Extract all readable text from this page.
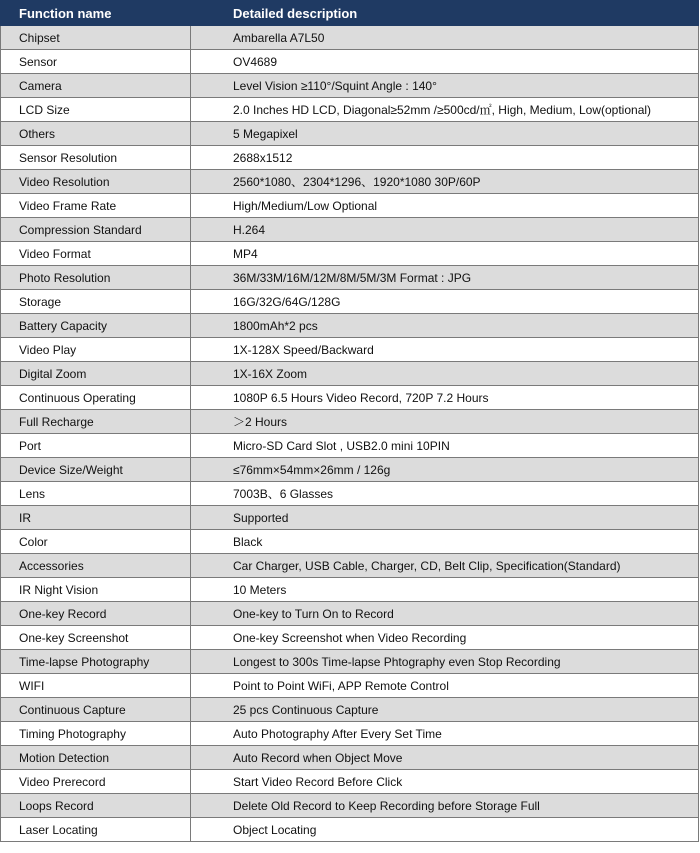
Function name	Detailed description
Chipset	Ambarella A7L50
Sensor	OV4689
Camera	Level Vision ≥110°/Squint Angle : 140°
LCD Size	2.0 Inches HD LCD, Diagonal≥52mm /≥500cd/㎡, High, Medium, Low(optional)
Others	5 Megapixel
Sensor Resolution	2688x1512
Video Resolution	2560*1080、2304*1296、1920*1080 30P/60P
Video Frame Rate	High/Medium/Low Optional
Compression Standard	H.264
Video Format	MP4
Photo Resolution	36M/33M/16M/12M/8M/5M/3M Format : JPG
Storage	16G/32G/64G/128G
Battery Capacity	1800mAh*2 pcs
Video Play	1X-128X Speed/Backward
Digital Zoom	1X-16X Zoom
Continuous Operating	1080P 6.5 Hours Video Record, 720P 7.2 Hours
Full Recharge	＞2 Hours
Port	Micro-SD Card Slot , USB2.0 mini 10PIN
Device Size/Weight	≤76mm×54mm×26mm / 126g
Lens	7003B、6 Glasses
IR	Supported
Color	Black
Accessories	Car Charger, USB Cable, Charger, CD, Belt Clip, Specification(Standard)
IR Night Vision	10 Meters
One-key Record	One-key to Turn On to Record
One-key Screenshot	One-key Screenshot when Video Recording
Time-lapse Photography	Longest to 300s Time-lapse Phtography even Stop Recording
WIFI	Point to Point WiFi, APP Remote Control
Continuous Capture	25 pcs Continuous Capture
Timing Photography	Auto Photography After Every Set Time
Motion Detection	Auto Record when Object Move
Video Prerecord	Start Video Record Before Click
Loops Record	Delete Old Record to Keep Recording before Storage Full
Laser Locating	Object Locating
